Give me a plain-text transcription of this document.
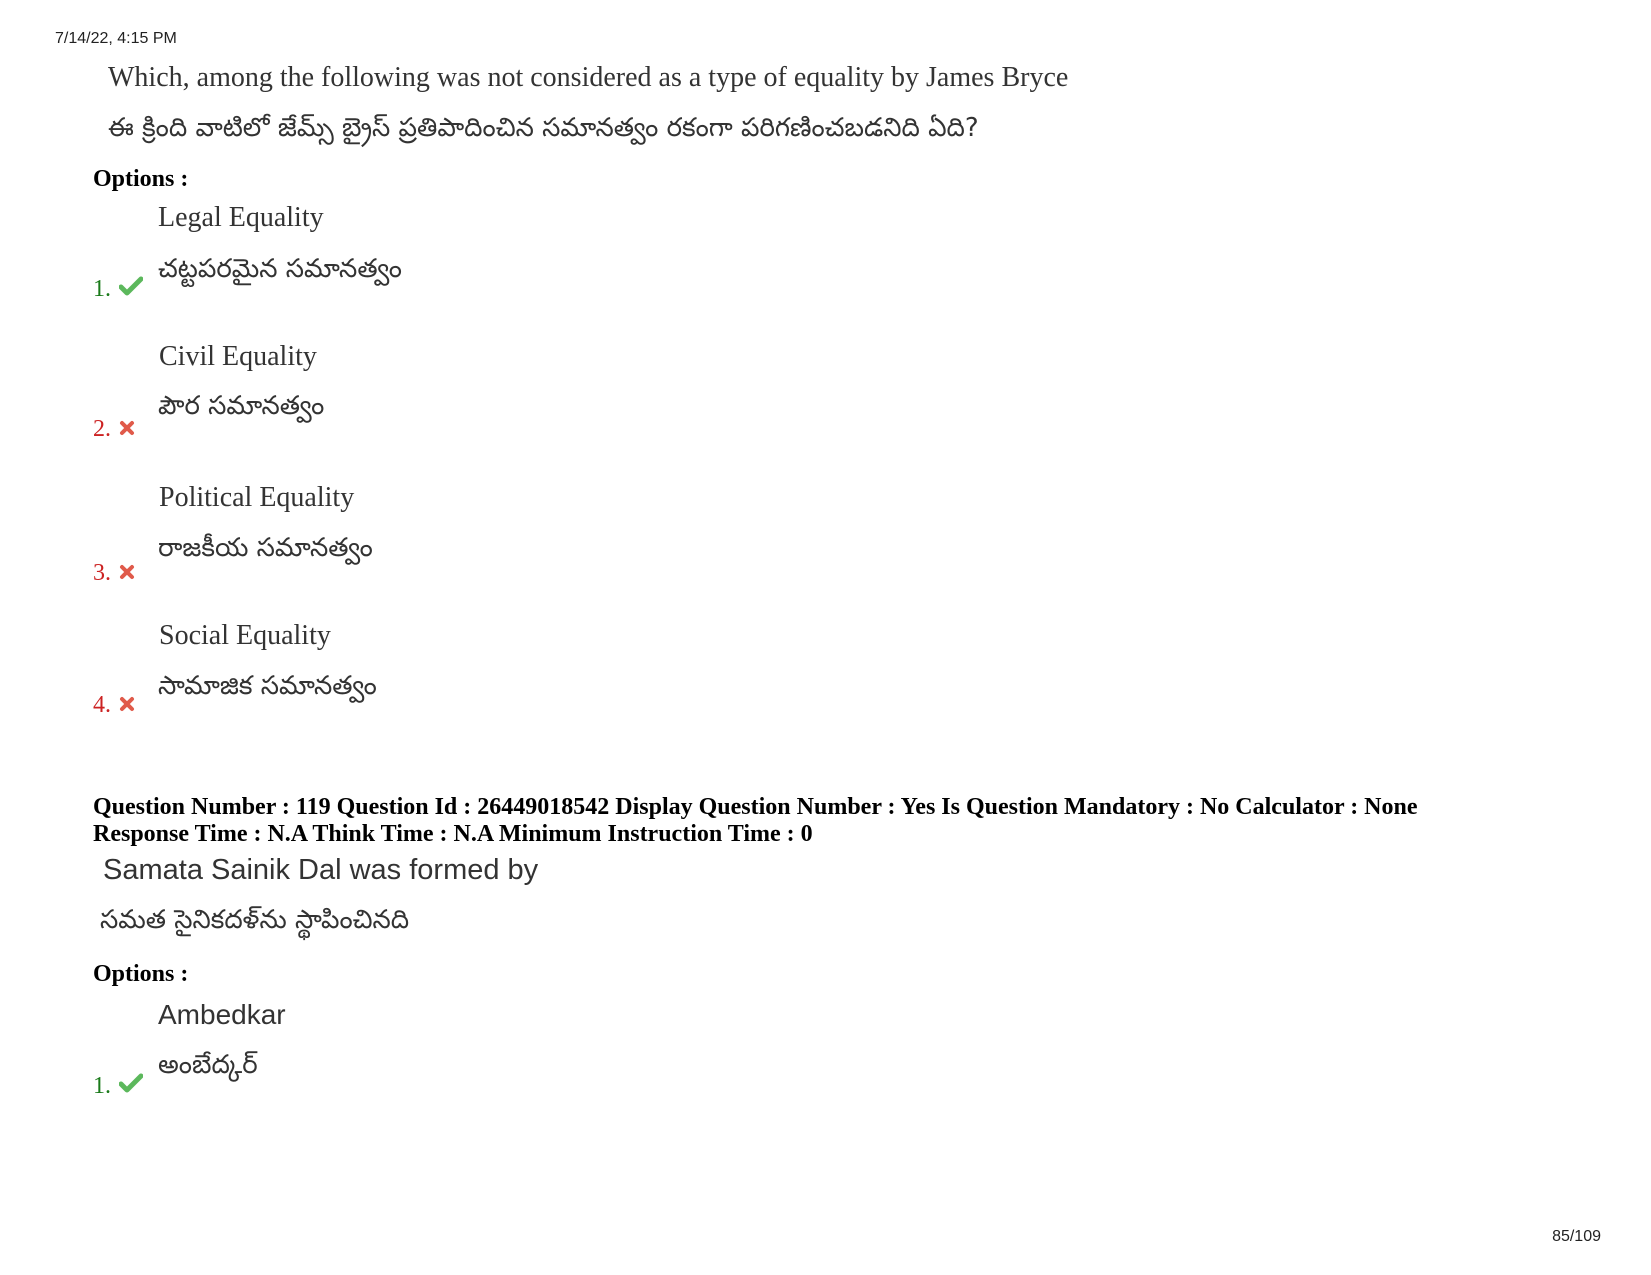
7/14/22, 4:15 PM
Which, among the following was not considered as a type of equality by James Bryce
ఈ క్రింది వాటిలో జేమ్స్ బ్రైస్ ప్రతిపాదించిన సమానత్వం రకంగా పరిగణించబడనిది ఏది?
Options :
Legal Equality
చట్టపరమైన సమానత్వం
1.
Civil Equality
పౌర సమానత్వం
2.
Political Equality
రాజకీయ సమానత్వం
3.
Social Equality
సామాజిక సమానత్వం
4.
Question Number : 119 Question Id : 26449018542 Display Question Number : Yes Is Question Mandatory : No Calculator : None
Response Time : N.A Think Time : N.A Minimum Instruction Time : 0
Samata Sainik Dal was formed by
సమత సైనికదళ్‌ను స్థాపించినది
Options :
Ambedkar
అంబేద్కర్
1.
85/109
